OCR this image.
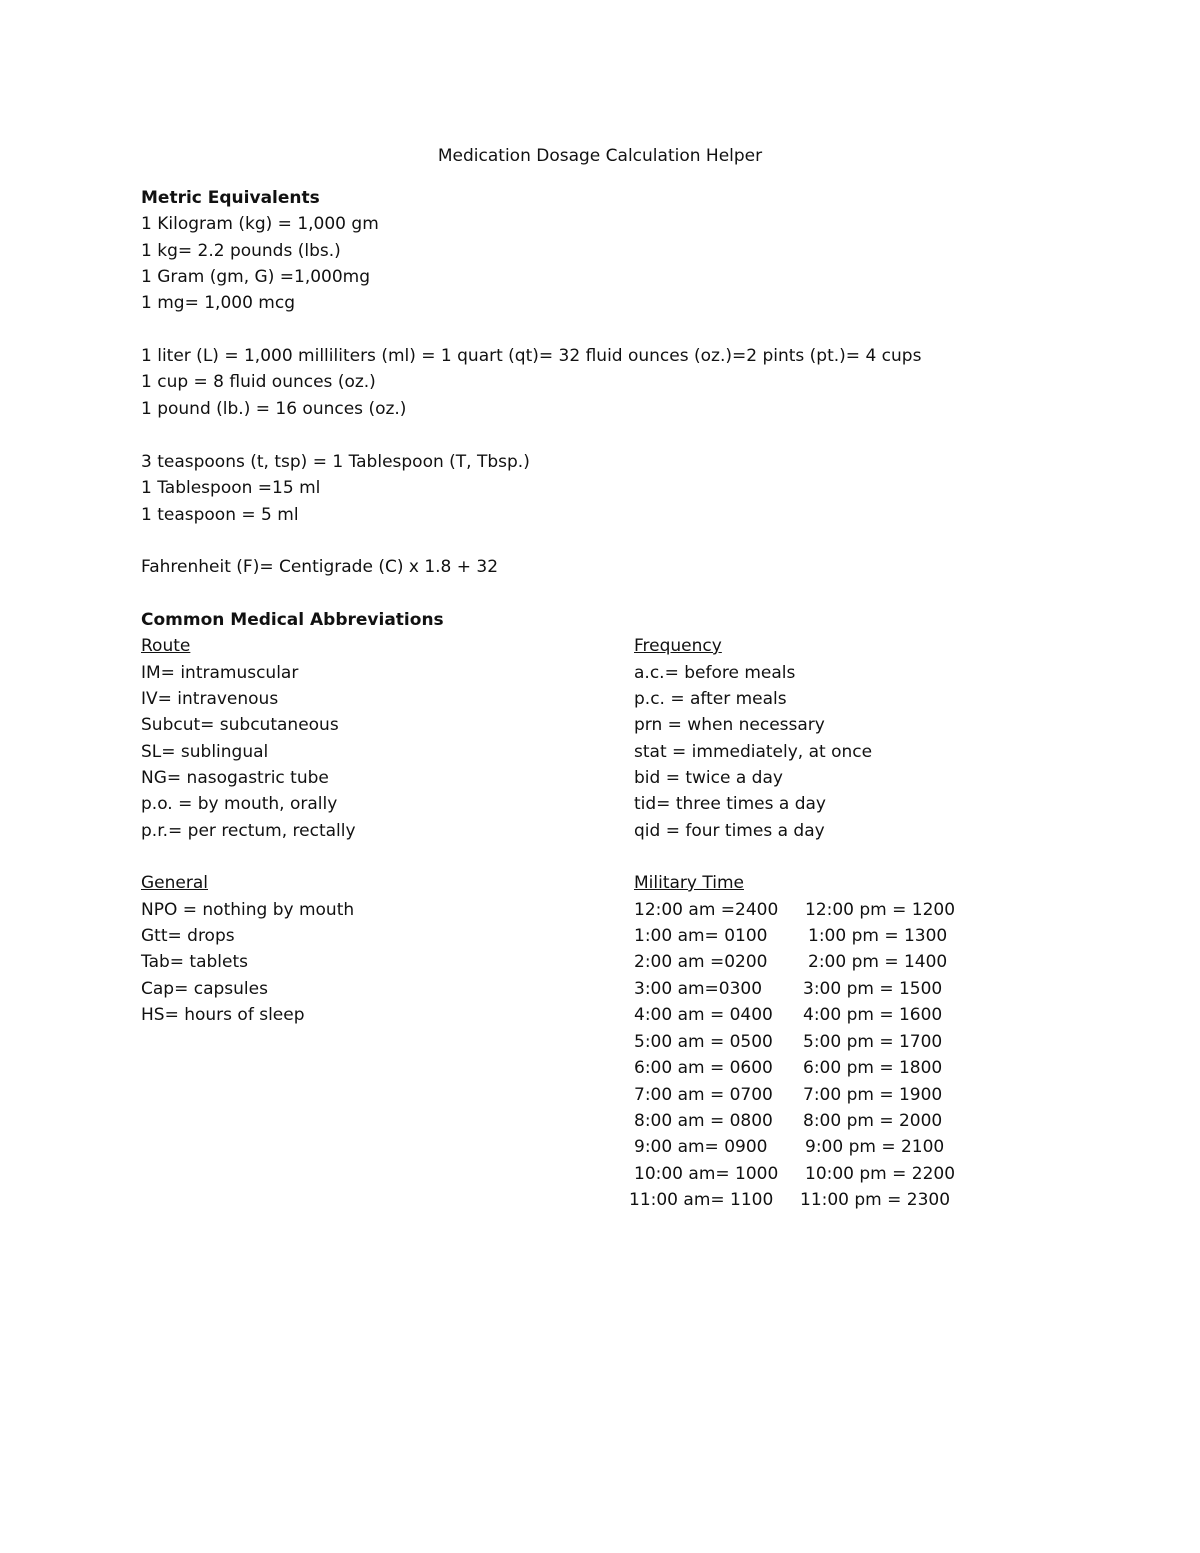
Medication Dosage Calculation Helper
Metric Equivalents
1 Kilogram (kg) = 1,000 gm
1 kg= 2.2 pounds (lbs.)
1 Gram (gm, G) =1,000mg
1 mg= 1,000 mcg
1 liter (L) = 1,000 milliliters (ml) = 1 quart (qt)= 32 fluid ounces (oz.)=2 pints (pt.)= 4 cups
1 cup = 8 fluid ounces (oz.)
1 pound (lb.) = 16 ounces (oz.)
3 teaspoons (t, tsp) = 1 Tablespoon (T, Tbsp.)
1 Tablespoon =15 ml
1 teaspoon = 5 ml
Fahrenheit (F)= Centigrade (C) x 1.8 + 32
Common Medical Abbreviations
Route
IM= intramuscular
IV= intravenous
Subcut= subcutaneous
SL= sublingual
NG= nasogastric tube
p.o. = by mouth, orally
p.r.= per rectum, rectally
Frequency
a.c.= before meals
p.c. = after meals
prn = when necessary
stat = immediately, at once
bid = twice a day
tid= three times a day
qid = four times a day
General
NPO = nothing by mouth
Gtt= drops
Tab= tablets
Cap= capsules
HS= hours of sleep
Military Time
12:00 am =2400 12:00 pm = 1200
1:00 am= 0100 1:00 pm = 1300
2:00 am =0200 2:00 pm = 1400
3:00 am=0300 3:00 pm = 1500
4:00 am = 0400 4:00 pm = 1600
5:00 am = 0500 5:00 pm = 1700
6:00 am = 0600 6:00 pm = 1800
7:00 am = 0700 7:00 pm = 1900
8:00 am = 0800 8:00 pm = 2000
9:00 am= 0900 9:00 pm = 2100
10:00 am= 1000 10:00 pm = 2200
11:00 am= 1100 11:00 pm = 2300
